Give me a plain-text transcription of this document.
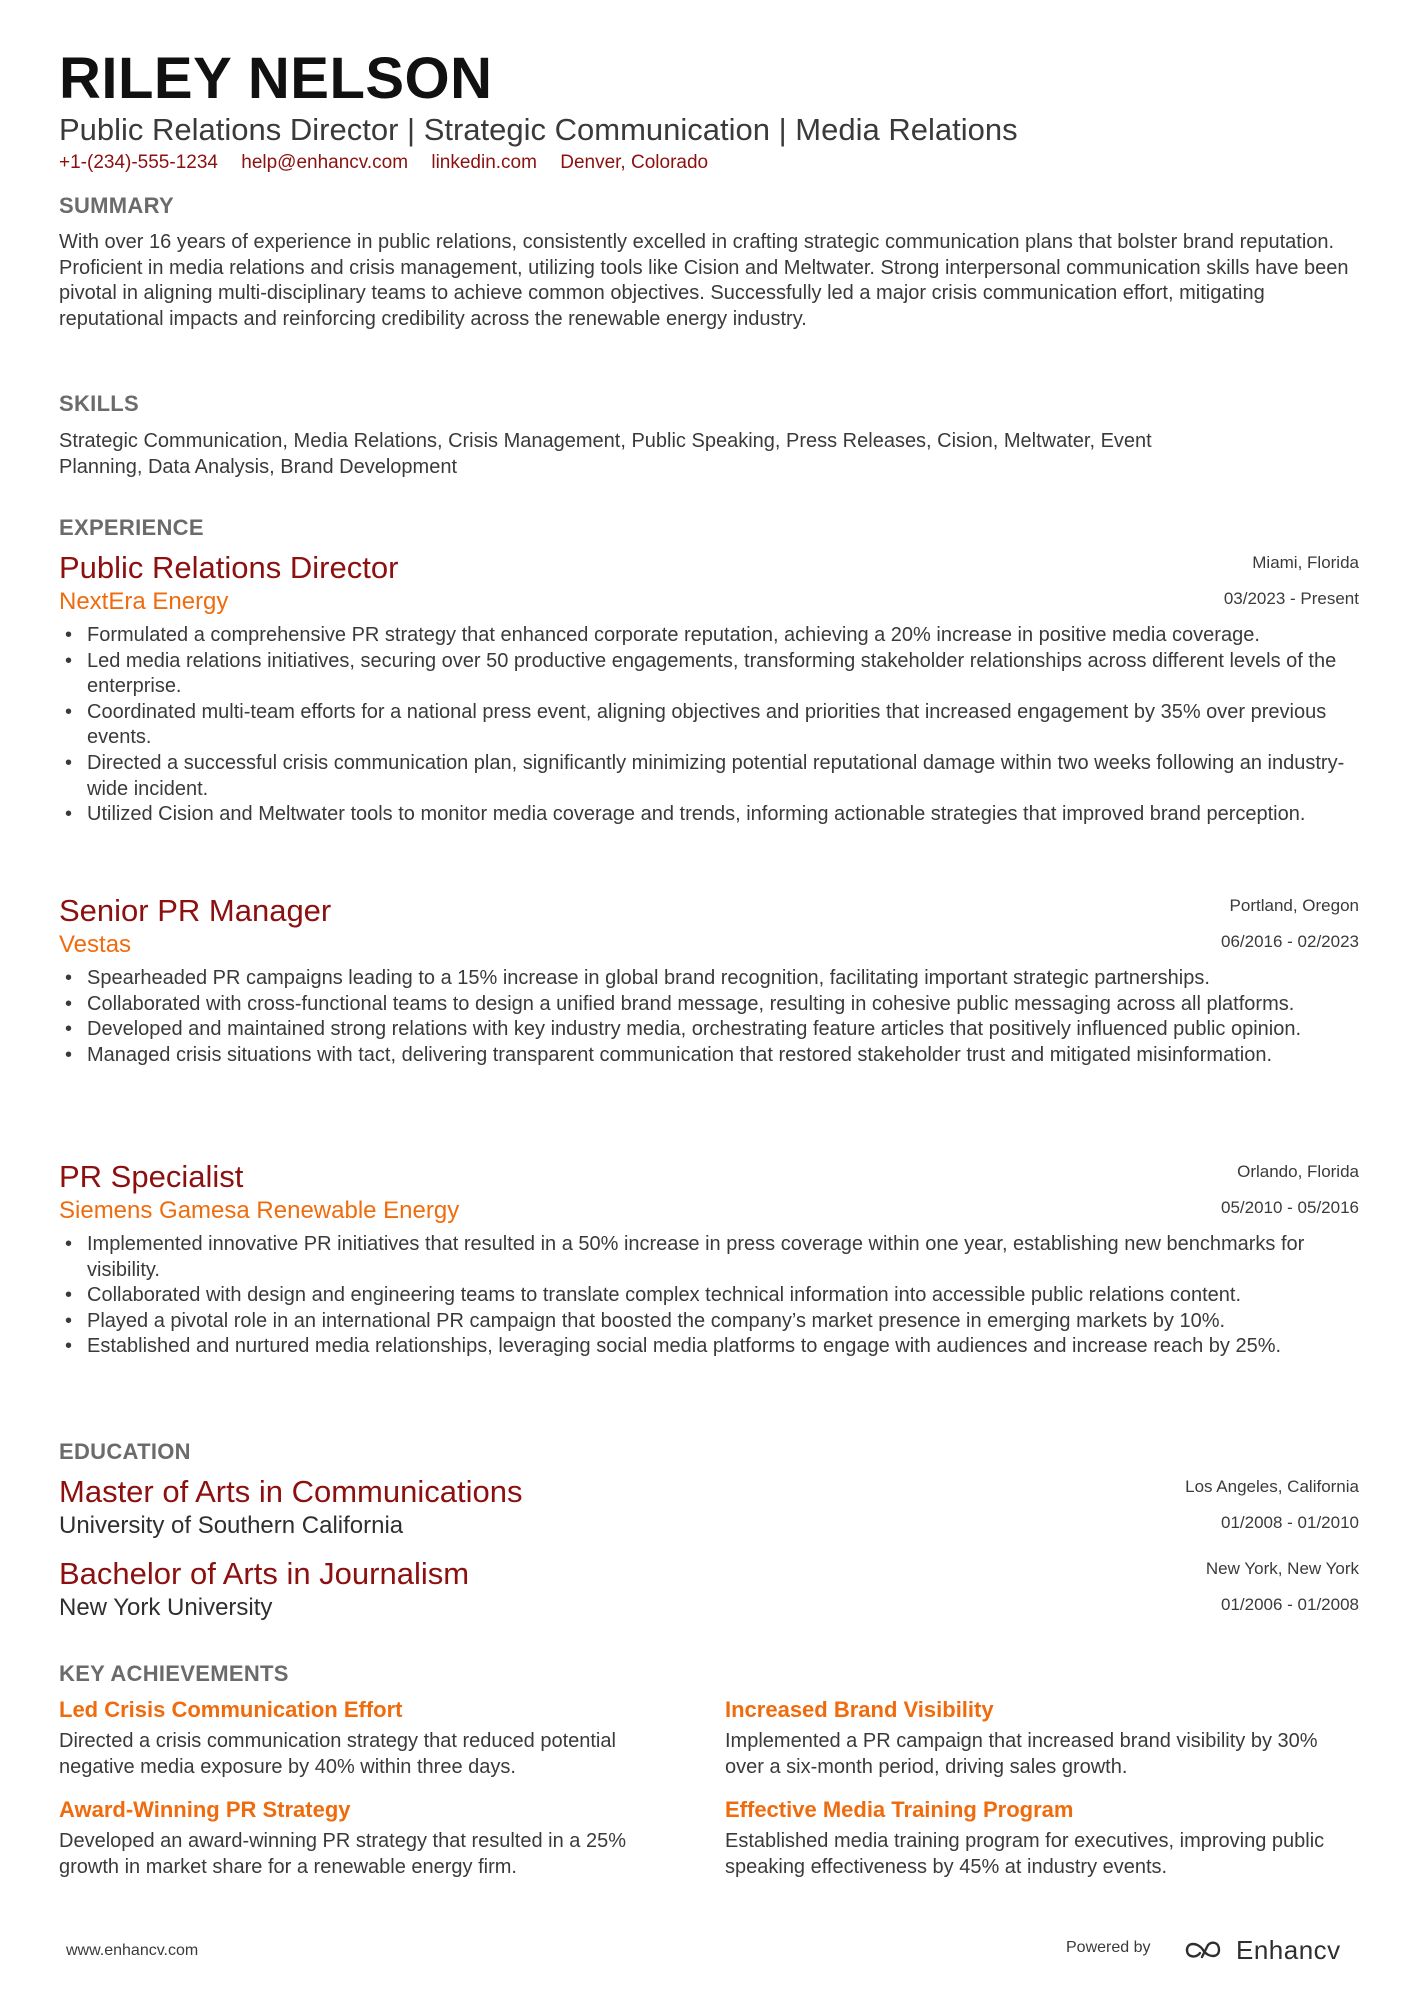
RILEY NELSON
Public Relations Director | Strategic Communication | Media Relations
+1-(234)-555-1234 help@enhancv.com linkedin.com Denver, Colorado
SUMMARY

With over 16 years of experience in public relations, consistently excelled in crafting strategic communication plans that bolster brand reputation. Proficient in media relations and crisis management, utilizing tools like Cision and Meltwater. Strong interpersonal communication skills have been pivotal in aligning multi-disciplinary teams to achieve common objectives. Successfully led a major crisis communication effort, mitigating reputational impacts and reinforcing credibility across the renewable energy industry.

SKILLS

Strategic Communication, Media Relations, Crisis Management, Public Speaking, Press Releases, Cision, Meltwater, Event Planning, Data Analysis, Brand Development

EXPERIENCE
Public Relations Director
NextEra Energy
Miami, Florida
03/2023 - Present
• Formulated a comprehensive PR strategy that enhanced corporate reputation, achieving a 20% increase in positive media coverage.
• Led media relations initiatives, securing over 50 productive engagements, transforming stakeholder relationships across different levels of the enterprise.
• Coordinated multi-team efforts for a national press event, aligning objectives and priorities that increased engagement by 35% over previous events.
• Directed a successful crisis communication plan, significantly minimizing potential reputational damage within two weeks following an industry-wide incident.
• Utilized Cision and Meltwater tools to monitor media coverage and trends, informing actionable strategies that improved brand perception.
Senior PR Manager
Vestas
Portland, Oregon
06/2016 - 02/2023
• Spearheaded PR campaigns leading to a 15% increase in global brand recognition, facilitating important strategic partnerships.
• Collaborated with cross-functional teams to design a unified brand message, resulting in cohesive public messaging across all platforms.
• Developed and maintained strong relations with key industry media, orchestrating feature articles that positively influenced public opinion.
• Managed crisis situations with tact, delivering transparent communication that restored stakeholder trust and mitigated misinformation.
PR Specialist
Siemens Gamesa Renewable Energy
Orlando, Florida
05/2010 - 05/2016
• Implemented innovative PR initiatives that resulted in a 50% increase in press coverage within one year, establishing new benchmarks for visibility.
• Collaborated with design and engineering teams to translate complex technical information into accessible public relations content.
• Played a pivotal role in an international PR campaign that boosted the company’s market presence in emerging markets by 10%.
• Established and nurtured media relationships, leveraging social media platforms to engage with audiences and increase reach by 25%.
EDUCATION
Master of Arts in Communications
University of Southern California
Los Angeles, California
01/2008 - 01/2010
Bachelor of Arts in Journalism
New York University
New York, New York
01/2006 - 01/2008
KEY ACHIEVEMENTS

Led Crisis Communication Effort

Directed a crisis communication strategy that reduced potential negative media exposure by 40% within three days.

Increased Brand Visibility

Implemented a PR campaign that increased brand visibility by 30% over a six-month period, driving sales growth.

Award-Winning PR Strategy

Developed an award-winning PR strategy that resulted in a 25% growth in market share for a renewable energy firm.

Effective Media Training Program

Established media training program for executives, improving public speaking effectiveness by 45% at industry events.

www.enhancv.com	Powered by	Enhancv
